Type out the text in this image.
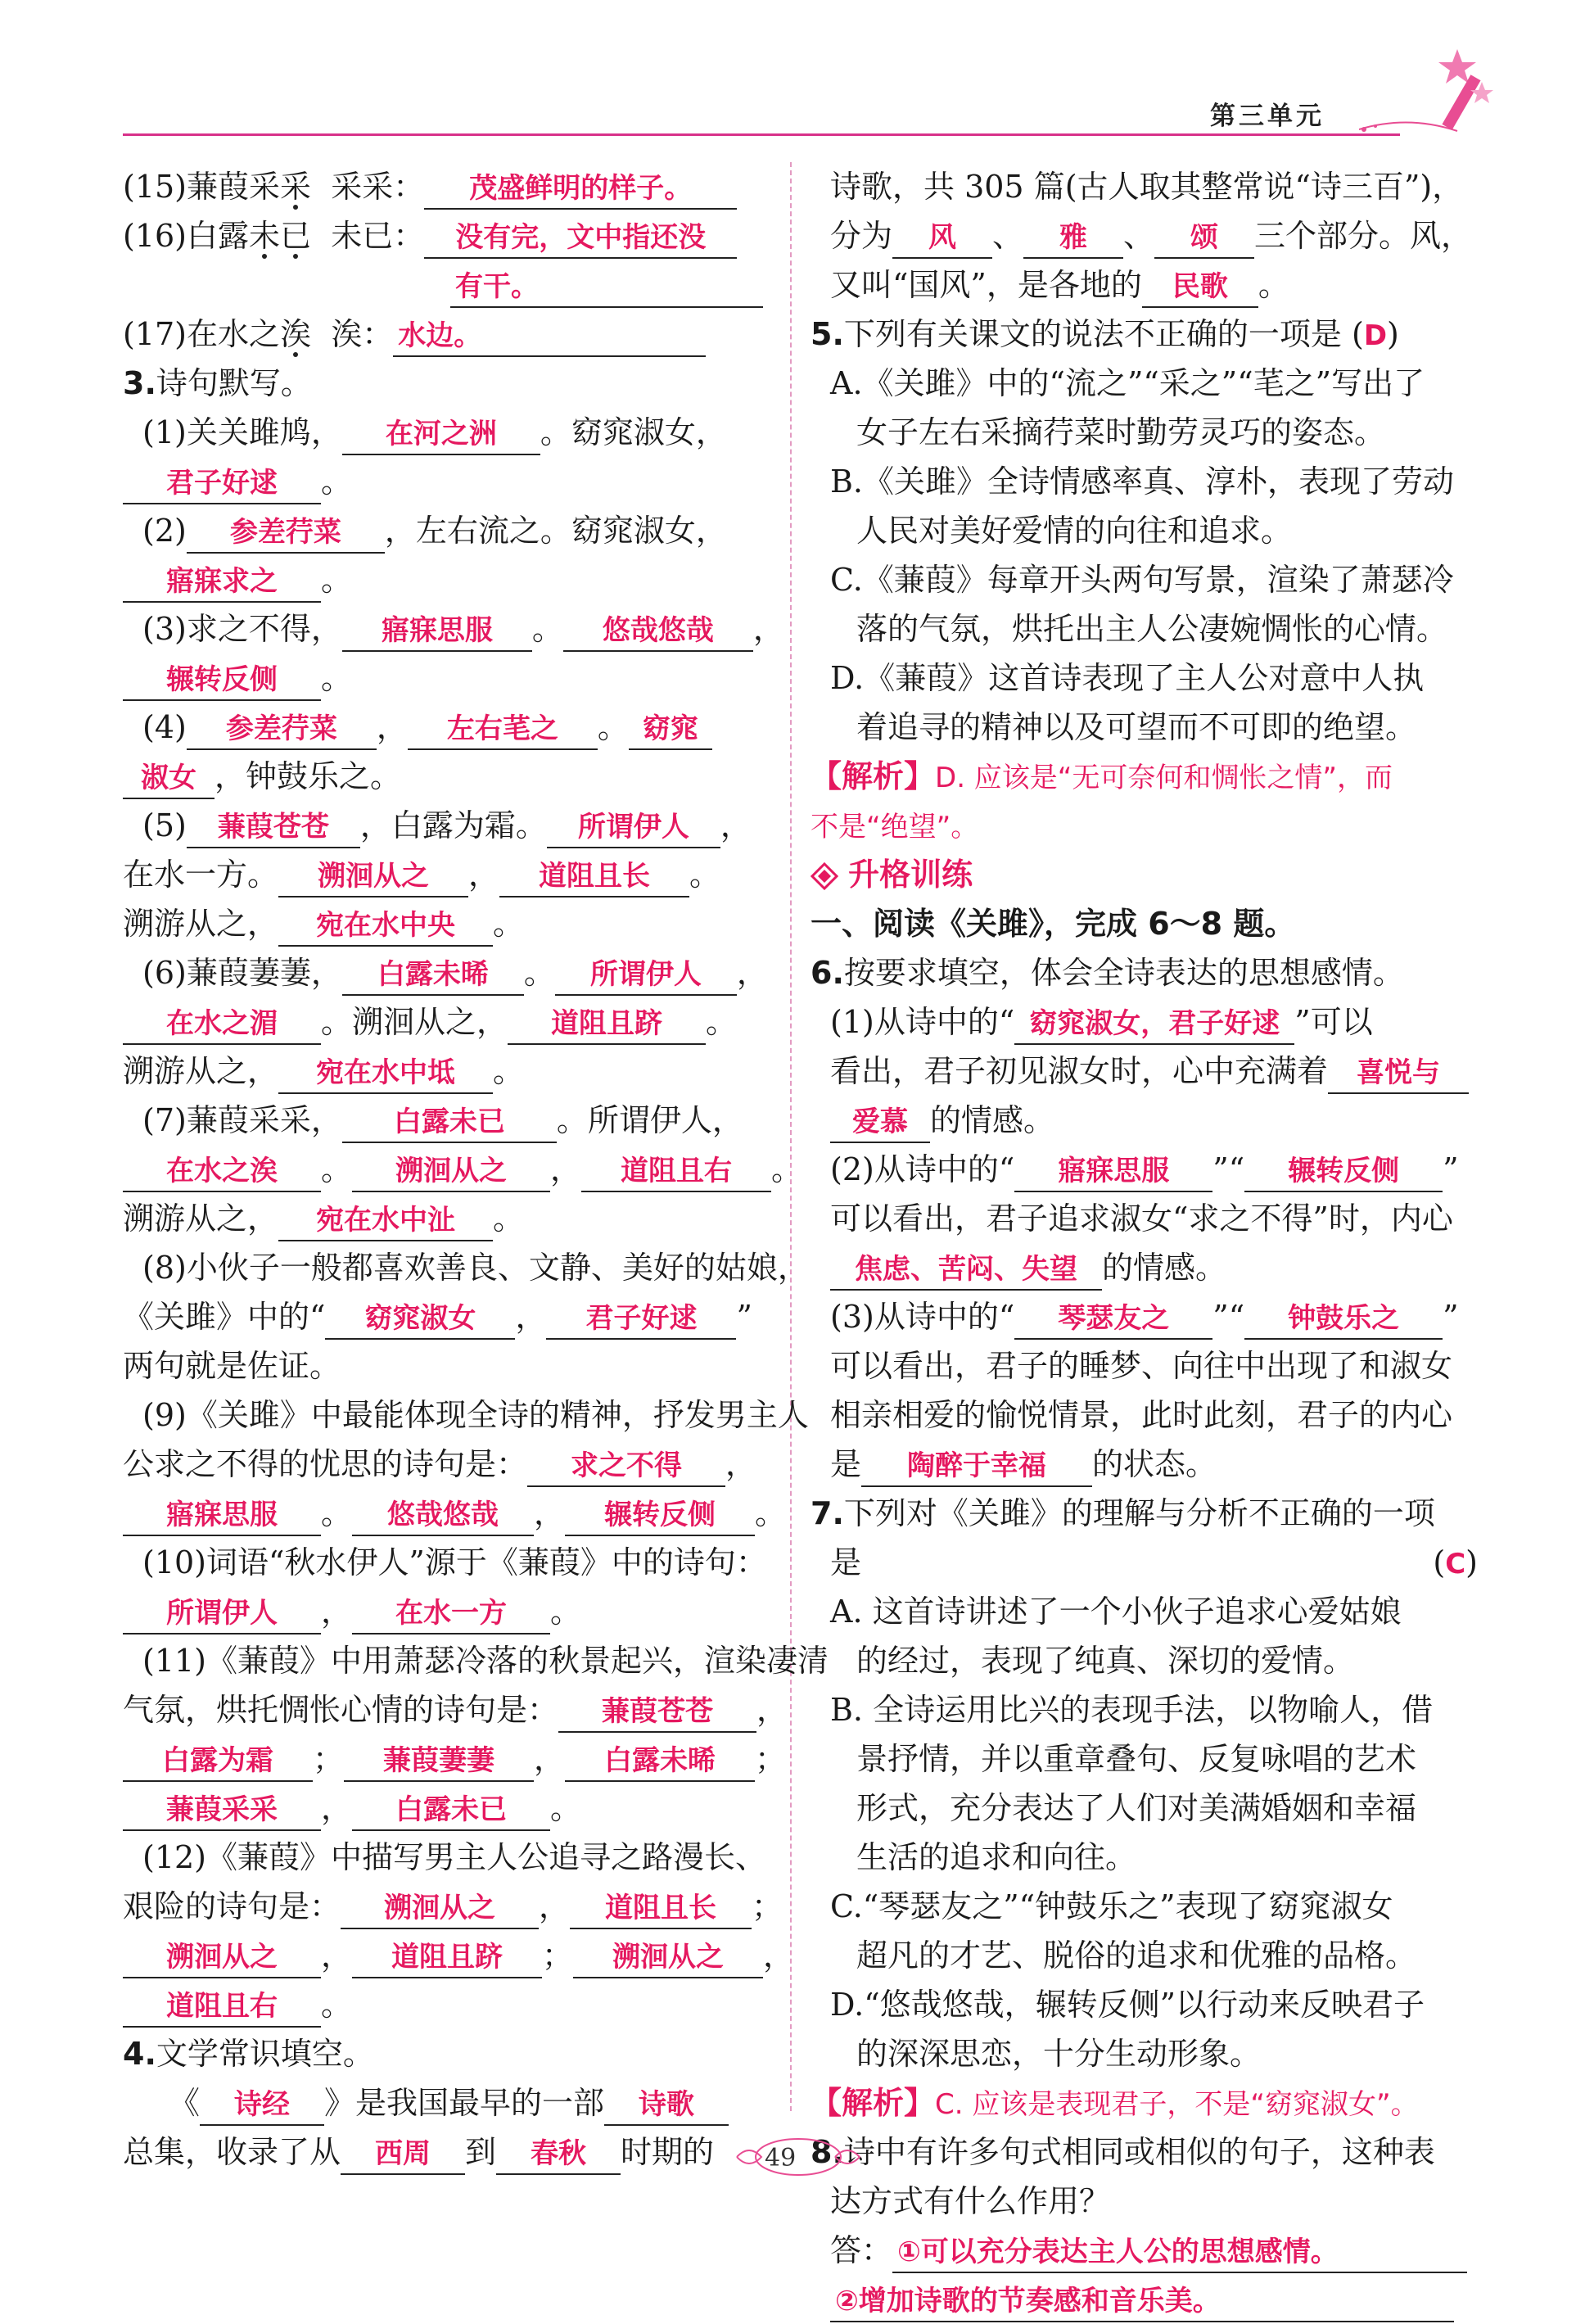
第三单元
(15)蒹葭采采 采采： 茂盛鲜明的样子。
(16)白露未已 未已： 没有完，文中指还没
有干。
(17)在水之涘 涘： 水边。
3.诗句默写。
(1)关关雎鸠， 在河之洲 。窈窕淑女，
君子好逑 。
(2) 参差荇菜 ，左右流之。窈窕淑女，
寤寐求之 。
(3)求之不得， 寤寐思服 。 悠哉悠哉 ，
辗转反侧 。
(4) 参差荇菜 ， 左右芼之 。 窈窕
淑女 ，钟鼓乐之。
(5) 蒹葭苍苍 ，白露为霜。 所谓伊人 ，
在水一方。 溯洄从之 ， 道阻且长 。
溯游从之， 宛在水中央 。
(6)蒹葭萋萋， 白露未晞 。 所谓伊人 ，
在水之湄 。溯洄从之， 道阻且跻 。
溯游从之， 宛在水中坻 。
(7)蒹葭采采， 白露未已 。所谓伊人，
在水之涘 。 溯洄从之 ， 道阻且右 。
溯游从之， 宛在水中沚 。
(8)小伙子一般都喜欢善良、文静、美好的姑娘，
《关雎》中的“ 窈窕淑女 ， 君子好逑 ”
两句就是佐证。
(9)《关雎》中最能体现全诗的精神，抒发男主人
公求之不得的忧思的诗句是： 求之不得 ，
寤寐思服 。 悠哉悠哉 ， 辗转反侧 。
(10)词语“秋水伊人”源于《蒹葭》中的诗句：
所谓伊人 ， 在水一方 。
(11)《蒹葭》中用萧瑟冷落的秋景起兴，渲染凄清
气氛，烘托惆怅心情的诗句是： 蒹葭苍苍 ，
白露为霜 ； 蒹葭萋萋 ， 白露未晞 ；
蒹葭采采 ， 白露未已 。
(12)《蒹葭》中描写男主人公追寻之路漫长、
艰险的诗句是： 溯洄从之 ， 道阻且长 ；
溯洄从之 ， 道阻且跻 ； 溯洄从之 ，
道阻且右 。
4.文学常识填空。
《 诗经 》是我国最早的一部 诗歌
总集，收录了从 西周 到 春秋 时期的
诗歌，共 305 篇(古人取其整常说“诗三百”)，
分为 风 、 雅 、 颂 三个部分。风，
又叫“国风”，是各地的 民歌 。
5.下列有关课文的说法不正确的一项是 (D)
A.《关雎》中的“流之”“采之”“芼之”写出了
女子左右采摘荇菜时勤劳灵巧的姿态。
B.《关雎》全诗情感率真、淳朴，表现了劳动
人民对美好爱情的向往和追求。
C.《蒹葭》每章开头两句写景，渲染了萧瑟冷
落的气氛，烘托出主人公凄婉惆怅的心情。
D.《蒹葭》这首诗表现了主人公对意中人执
着追寻的精神以及可望而不可即的绝望。
【解析】D. 应该是“无可奈何和惆怅之情”，而
不是“绝望”。
升格训练
一、阅读《关雎》，完成 6～8 题。
6.按要求填空，体会全诗表达的思想感情。
(1)从诗中的“ 窈窕淑女，君子好逑 ”可以
看出，君子初见淑女时，心中充满着 喜悦与
爱慕 的情感。
(2)从诗中的“ 寤寐思服 ”“ 辗转反侧 ”
可以看出，君子追求淑女“求之不得”时，内心
焦虑、苦闷、失望 的情感。
(3)从诗中的“ 琴瑟友之 ”“ 钟鼓乐之 ”
可以看出，君子的睡梦、向往中出现了和淑女
相亲相爱的愉悦情景，此时此刻，君子的内心
是 陶醉于幸福 的状态。
7.下列对《关雎》的理解与分析不正确的一项
是	(C)
A. 这首诗讲述了一个小伙子追求心爱姑娘
的经过，表现了纯真、深切的爱情。
B. 全诗运用比兴的表现手法，以物喻人，借
景抒情，并以重章叠句、反复咏唱的艺术
形式，充分表达了人们对美满婚姻和幸福
生活的追求和向往。
C.“琴瑟友之”“钟鼓乐之”表现了窈窕淑女
超凡的才艺、脱俗的追求和优雅的品格。
D.“悠哉悠哉，辗转反侧”以行动来反映君子
的深深思恋，十分生动形象。
【解析】C. 应该是表现君子，不是“窈窕淑女”。
8.诗中有许多句式相同或相似的句子，这种表
达方式有什么作用？
答： ①可以充分表达主人公的思想感情。
②增加诗歌的节奏感和音乐美。
49
